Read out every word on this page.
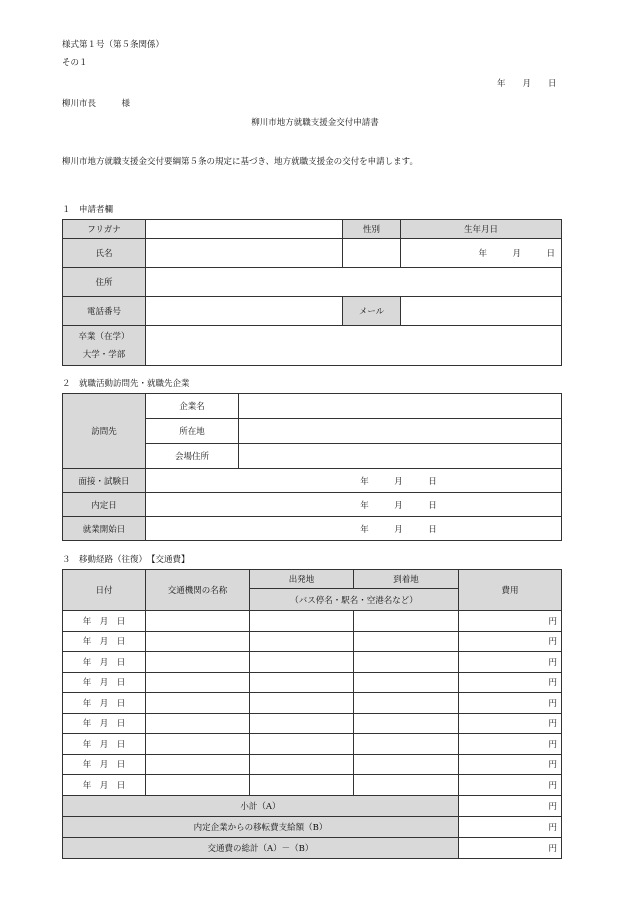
様式第１号（第５条関係）
その１
年　　月　　日
柳川市長　　　様
柳川市地方就職支援金交付申請書
柳川市地方就職支援金交付要綱第５条の規定に基づき、地方就職支援金の交付を申請します。
１　申請者欄
フリガナ		性別	生年月日
氏名			年　　　月　　　日
住所			
電話番号		メール	

卒業（在学）
大学・学部			

２　就職活動訪問先・就職先企業
訪問先	企業名	
	所在地	
	会場住所	
面接・試験日	年　　　月　　　日	
内定日	年　　　月　　　日	
就業開始日	年　　　月　　　日	
３　移動経路（往復）　【交通費】
日付	交通機関の名称	出発地	到着地	費用
		（バス停名・駅名・空港名など）		
年　月　日				円
年　月　日				円
年　月　日				円
年　月　日				円
年　月　日				円
年　月　日				円
年　月　日				円
年　月　日				円
年　月　日				円
小計（A）				円
内定企業からの移転費支給額（B）				円
交通費の総計（A）－（B）				円
